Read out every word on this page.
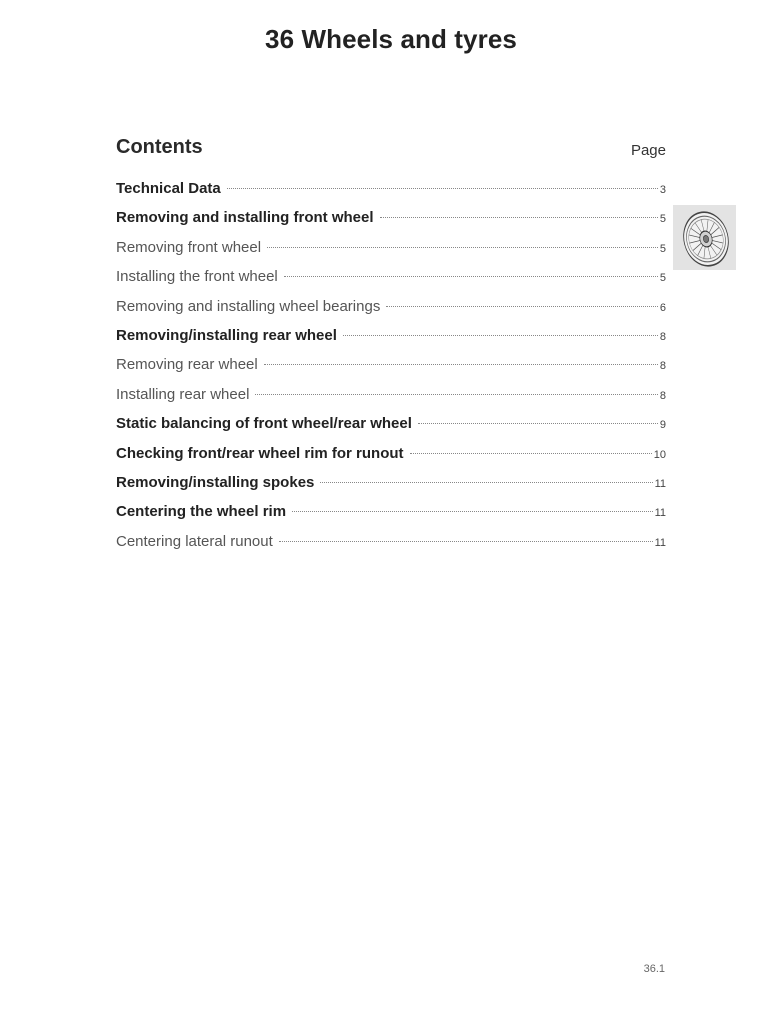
36 Wheels and tyres
Contents	Page
Technical Data	3
Removing and installing front wheel	5
Removing front wheel	5
Installing the front wheel	5
Removing and installing wheel bearings	6
Removing/installing rear wheel	8
Removing rear wheel	8
Installing rear wheel	8
Static balancing of front wheel/rear wheel	9
Checking front/rear wheel rim for runout	10
Removing/installing spokes	11
Centering the wheel rim	11
Centering lateral runout	11
36.1
